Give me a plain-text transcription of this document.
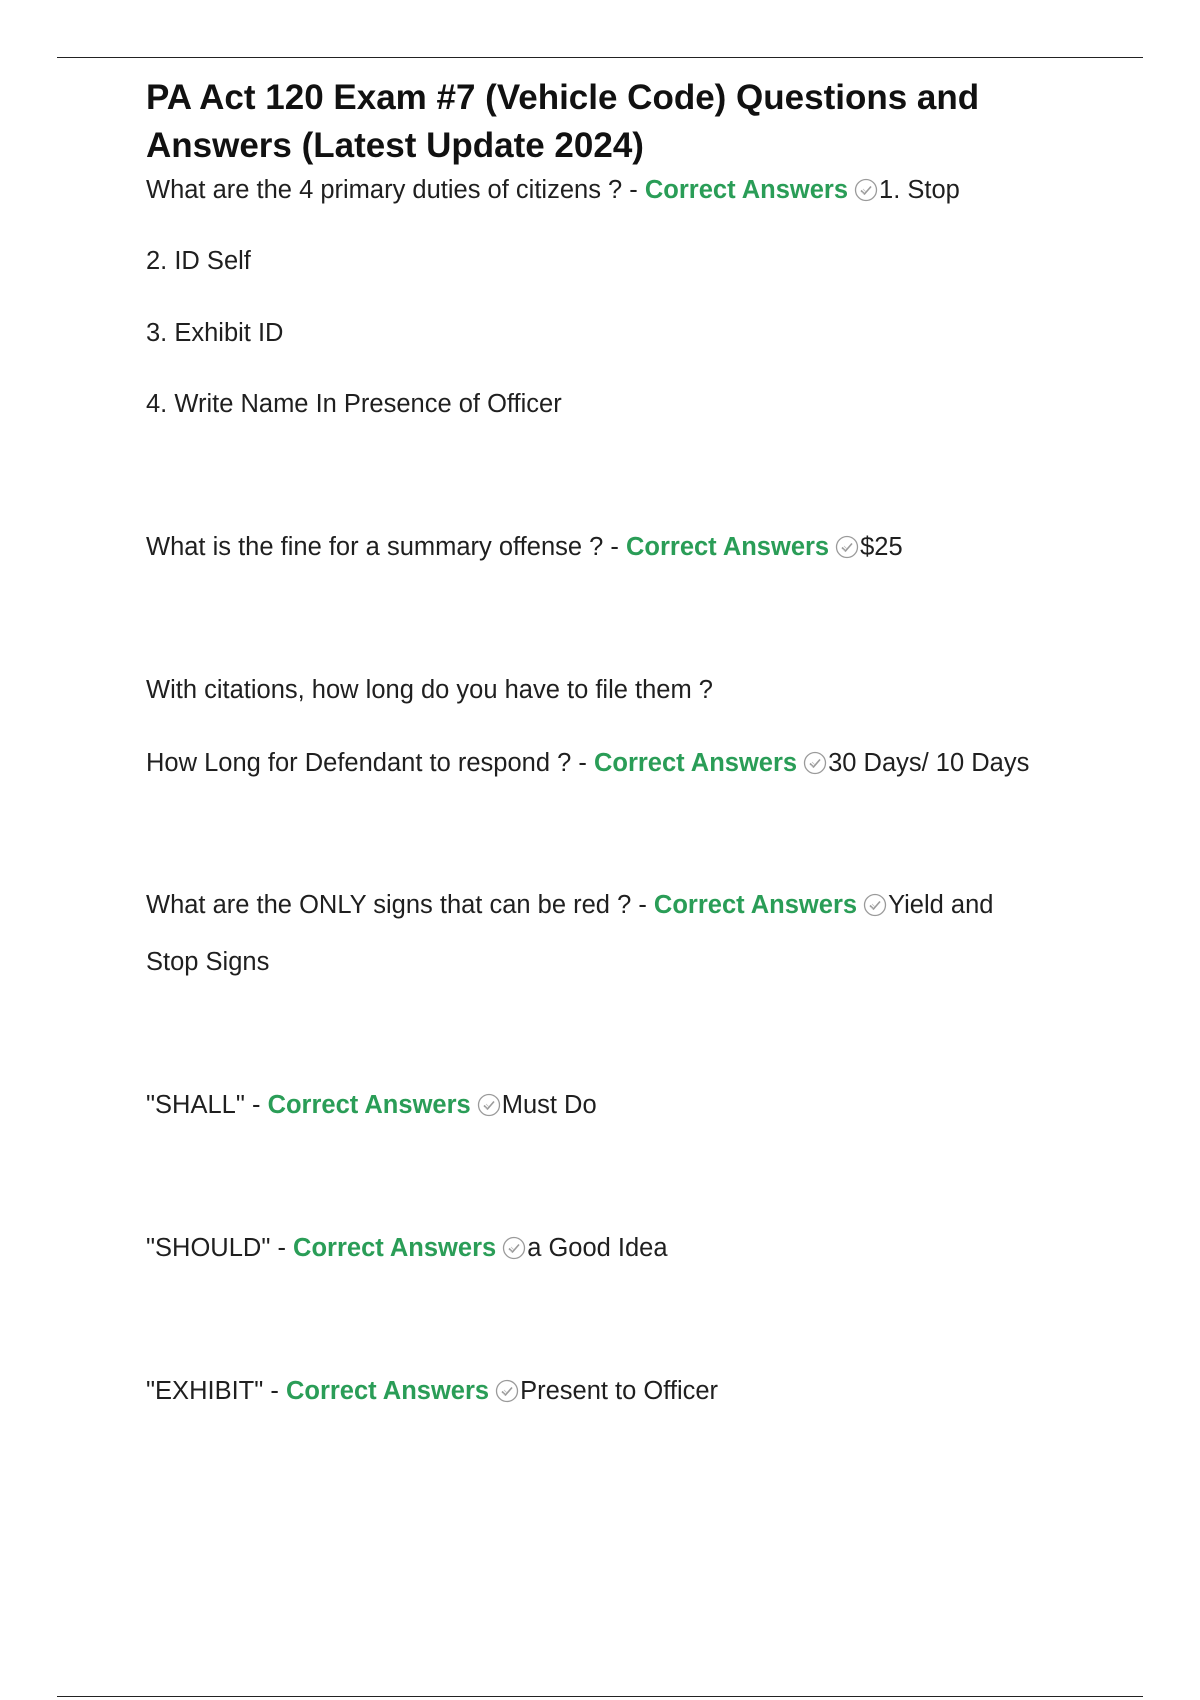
PA Act 120 Exam #7 (Vehicle Code) Questions and
Answers (Latest Update 2024)
What are the 4 primary duties of citizens ? - Correct Answers 1. Stop
2. ID Self
3. Exhibit ID
4. Write Name In Presence of Officer
What is the fine for a summary offense ? - Correct Answers $25
With citations, how long do you have to file them ?
How Long for Defendant to respond ? - Correct Answers 30 Days/ 10 Days
What are the ONLY signs that can be red ? - Correct Answers Yield and
Stop Signs
"SHALL" - Correct Answers Must Do
"SHOULD" - Correct Answers a Good Idea
"EXHIBIT" - Correct Answers Present to Officer
